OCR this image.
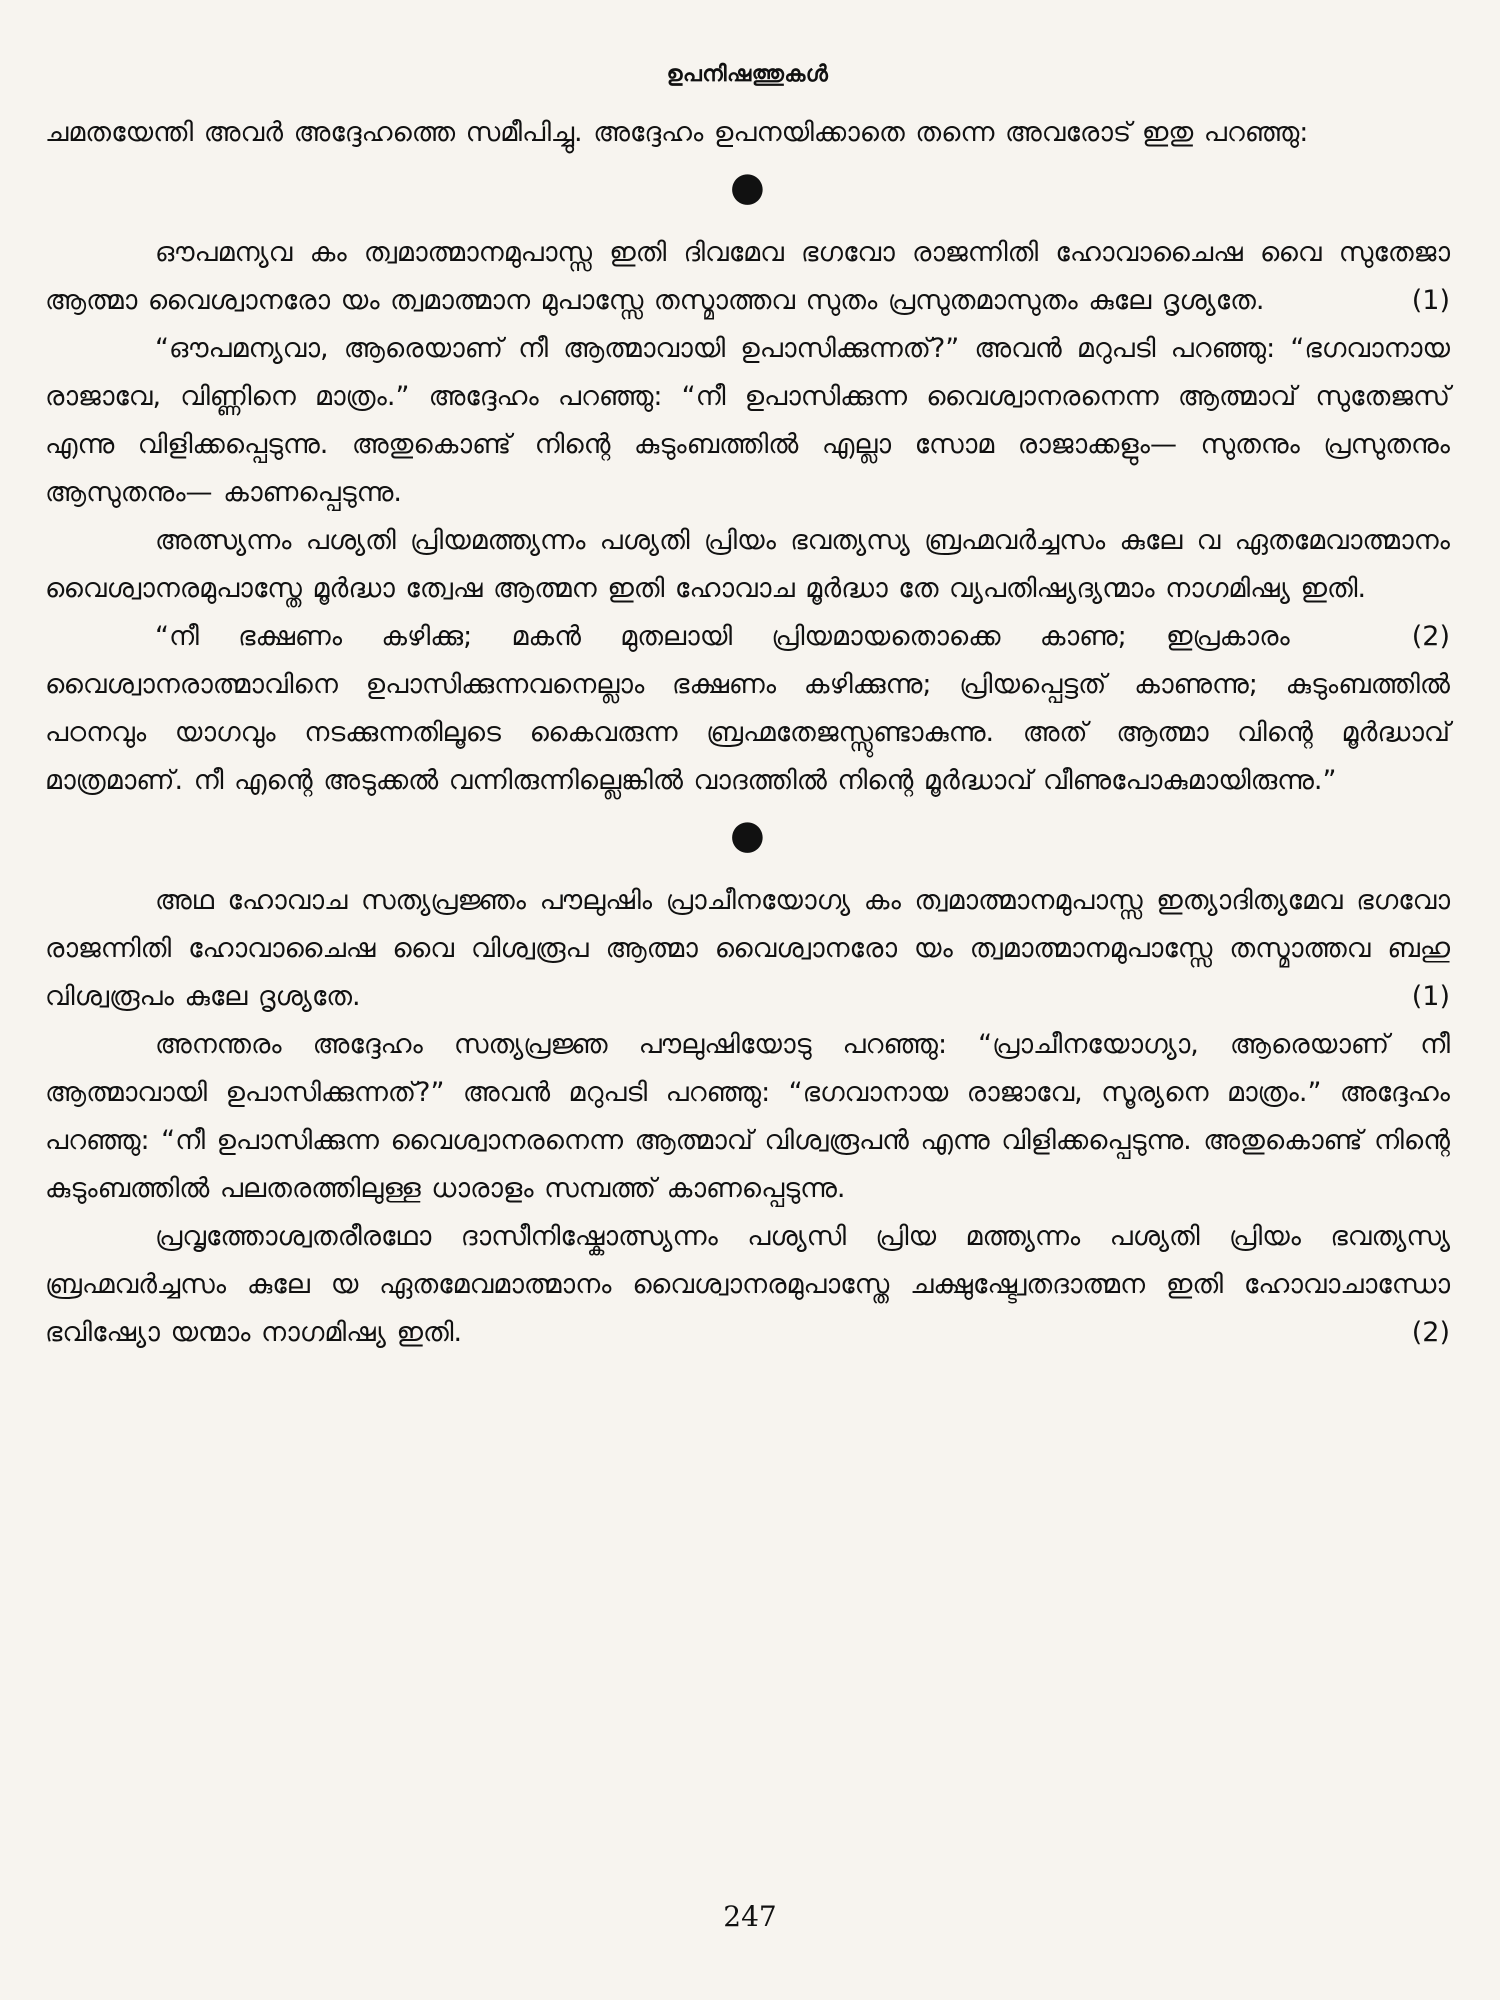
ഉപനിഷത്തുകൾ

ചമതയേന്തി അവർ അദ്ദേഹത്തെ സമീപിച്ചു. അദ്ദേഹം ഉപനയിക്കാതെ തന്നെ അവരോട് ഇതു പറഞ്ഞു:

●

ഔപമന്യവ കം ത്വമാത്മാനമുപാസ്സ ഇതി ദിവമേവ ഭഗവോ രാജന്നിതി ഹോവാചൈഷ വൈ സുതേജാ ആത്മാ വൈശ്വാനരോ യം ത്വമാത്മാന മുപാസ്സേ തസ്മാത്തവ സുതം പ്രസുതമാസുതം കുലേ ദൃശ്യതേ.	(1)

“ഔപമന്യവാ, ആരെയാണ് നീ ആത്മാവായി ഉപാസിക്കുന്നത്?” അവൻ മറുപടി പറഞ്ഞു: “ഭഗവാനായ രാജാവേ, വിണ്ണിനെ മാത്രം.” അദ്ദേഹം പറഞ്ഞു: “നീ ഉപാസിക്കുന്ന വൈശ്വാനരനെന്ന ആത്മാവ് സുതേജസ് എന്നു വിളിക്കപ്പെടുന്നു. അതുകൊണ്ട് നിന്റെ കുടുംബത്തിൽ എല്ലാ സോമ രാജാക്കളും— സുതനും പ്രസുതനും ആസുതനും— കാണപ്പെടുന്നു.

അത്സ്യന്നം പശ്യതി പ്രിയമത്ത്യന്നം പശ്യതി പ്രിയം ഭവത്യസ്യ ബ്രഹ്മവർച്ചസം കുലേ വ ഏതമേവാത്മാനം വൈശ്വാനരമുപാസ്തേ മൂർദ്ധാ ത്വേഷ ആത്മന ഇതി ഹോവാച മൂർദ്ധാ തേ വ്യപതിഷ്യദ്യന്മാം നാഗമിഷ്യ ഇതി.
(2)

“നീ ഭക്ഷണം കഴിക്കു; മകൻ മുതലായി പ്രിയമായതൊക്കെ കാണു; ഇപ്രകാരം വൈശ്വാനരാത്മാവിനെ ഉപാസിക്കുന്നവനെല്ലാം ഭക്ഷണം കഴിക്കുന്നു; പ്രിയപ്പെട്ടത് കാണുന്നു; കുടുംബത്തിൽ പഠനവും യാഗവും നടക്കുന്നതിലൂടെ കൈവരുന്ന ബ്രഹ്മതേജസ്സുണ്ടാകുന്നു. അത് ആത്മാ വിന്റെ മൂർദ്ധാവ് മാത്രമാണ്. നീ എന്റെ അടുക്കൽ വന്നിരുന്നില്ലെങ്കിൽ വാദത്തിൽ നിന്റെ മൂർദ്ധാവ് വീണുപോകുമായിരുന്നു.”

●

അഥ ഹോവാച സത്യപ്രജ്ഞം പൗലുഷിം പ്രാചീനയോഗ്യ കം ത്വമാത്മാനമുപാസ്സ ഇത്യാദിത്യമേവ ഭഗവോ രാജന്നിതി ഹോവാചൈഷ വൈ വിശ്വരൂപ ആത്മാ വൈശ്വാനരോ യം ത്വമാത്മാനമുപാസ്സേ തസ്മാത്തവ ബഹു വിശ്വരൂപം കുലേ ദൃശ്യതേ.	(1)

അനന്തരം അദ്ദേഹം സത്യപ്രജ്ഞ പൗലുഷിയോടു പറഞ്ഞു: “പ്രാചീനയോഗ്യാ, ആരെയാണ് നീ ആത്മാവായി ഉപാസിക്കുന്നത്?” അവൻ മറുപടി പറഞ്ഞു: “ഭഗവാനായ രാജാവേ, സൂര്യനെ മാത്രം.” അദ്ദേഹം പറഞ്ഞു: “നീ ഉപാസിക്കുന്ന വൈശ്വാനരനെന്ന ആത്മാവ് വിശ്വരൂപൻ എന്നു വിളിക്കപ്പെടുന്നു. അതുകൊണ്ട് നിന്റെ കുടുംബത്തിൽ പലതരത്തിലുള്ള ധാരാളം സമ്പത്ത് കാണപ്പെടുന്നു.

പ്രവൃത്തോശ്വതരീരഥോ ദാസീനിഷ്കോത്സ്യന്നം പശ്യസി പ്രിയ മത്ത്യന്നം പശ്യതി പ്രിയം ഭവത്യസ്യ ബ്രഹ്മവർച്ചസം കുലേ യ ഏതമേവമാത്മാനം വൈശ്വാനരമുപാസ്തേ ചക്ഷുഷ്ട്വേതദാത്മന ഇതി ഹോവാചാന്ധോ ഭവിഷ്യോ യന്മാം നാഗമിഷ്യ ഇതി.	(2)

247
